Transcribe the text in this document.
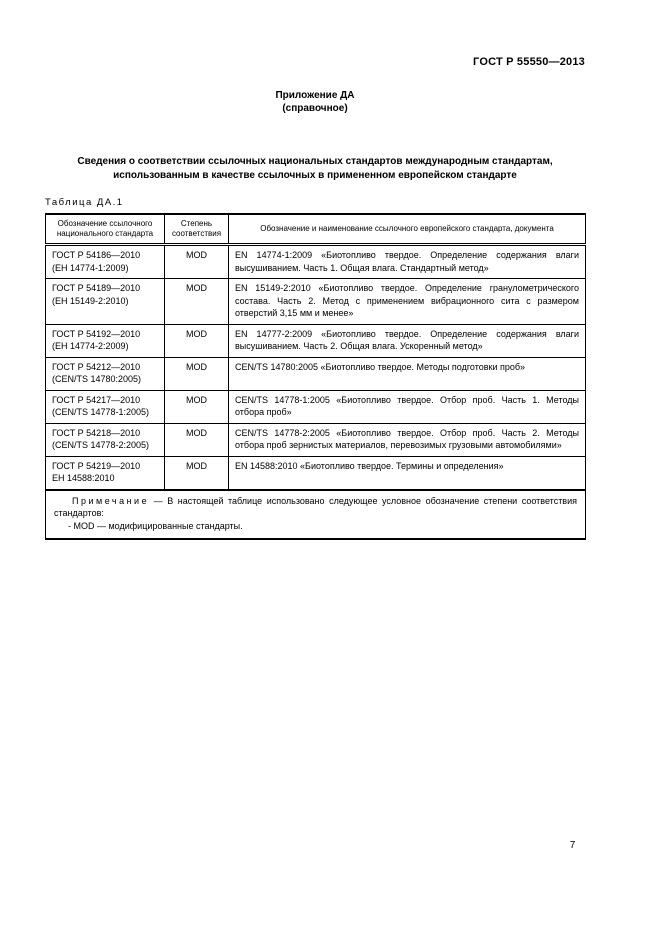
ГОСТ Р 55550—2013
Приложение ДА
(справочное)
Сведения о соответствии ссылочных национальных стандартов международным стандартам,
использованным в качестве ссылочных в примененном европейском стандарте
Таблица ДА.1
Обозначение ссылочного национального стандарта	Степень соответствия	Обозначение и наименование ссылочного европейского стандарта, документа

ГОСТ Р 54186—2010
(ЕН 14774-1:2009)	MOD	EN 14774-1:2009 «Биотопливо твердое. Определение содержания влаги высушиванием. Часть 1. Общая влага. Стандартный метод»

ГОСТ Р 54189—2010
(ЕН 15149-2:2010)	MOD	EN 15149-2:2010 «Биотопливо твердое. Определение гранулометрического состава. Часть 2. Метод с применением вибрационного сита с размером отверстий 3,15 мм и менее»

ГОСТ Р 54192—2010
(ЕН 14774-2:2009)	MOD	EN 14777-2:2009 «Биотопливо твердое. Определение содержания влаги высушиванием. Часть 2. Общая влага. Ускоренный метод»

ГОСТ Р 54212—2010
(CEN/TS 14780:2005)	MOD	CEN/TS 14780:2005 «Биотопливо твердое. Методы подготовки проб»

ГОСТ Р 54217—2010
(CEN/TS 14778-1:2005)	MOD	CEN/TS 14778-1:2005 «Биотопливо твердое. Отбор проб. Часть 1. Методы отбора проб»

ГОСТ Р 54218—2010
(CEN/TS 14778-2:2005)	MOD	CEN/TS 14778-2:2005 «Биотопливо твердое. Отбор проб. Часть 2. Методы отбора проб зернистых материалов, перевозимых грузовыми автомобилями»

ГОСТ Р 54219—2010
ЕН 14588:2010	MOD	EN 14588:2010 «Биотопливо твердое. Термины и определения»

Примечание — В настоящей таблице использовано следующее условное обозначение степени соответствия стандартов:
- MOD — модифицированные стандарты.		
7
